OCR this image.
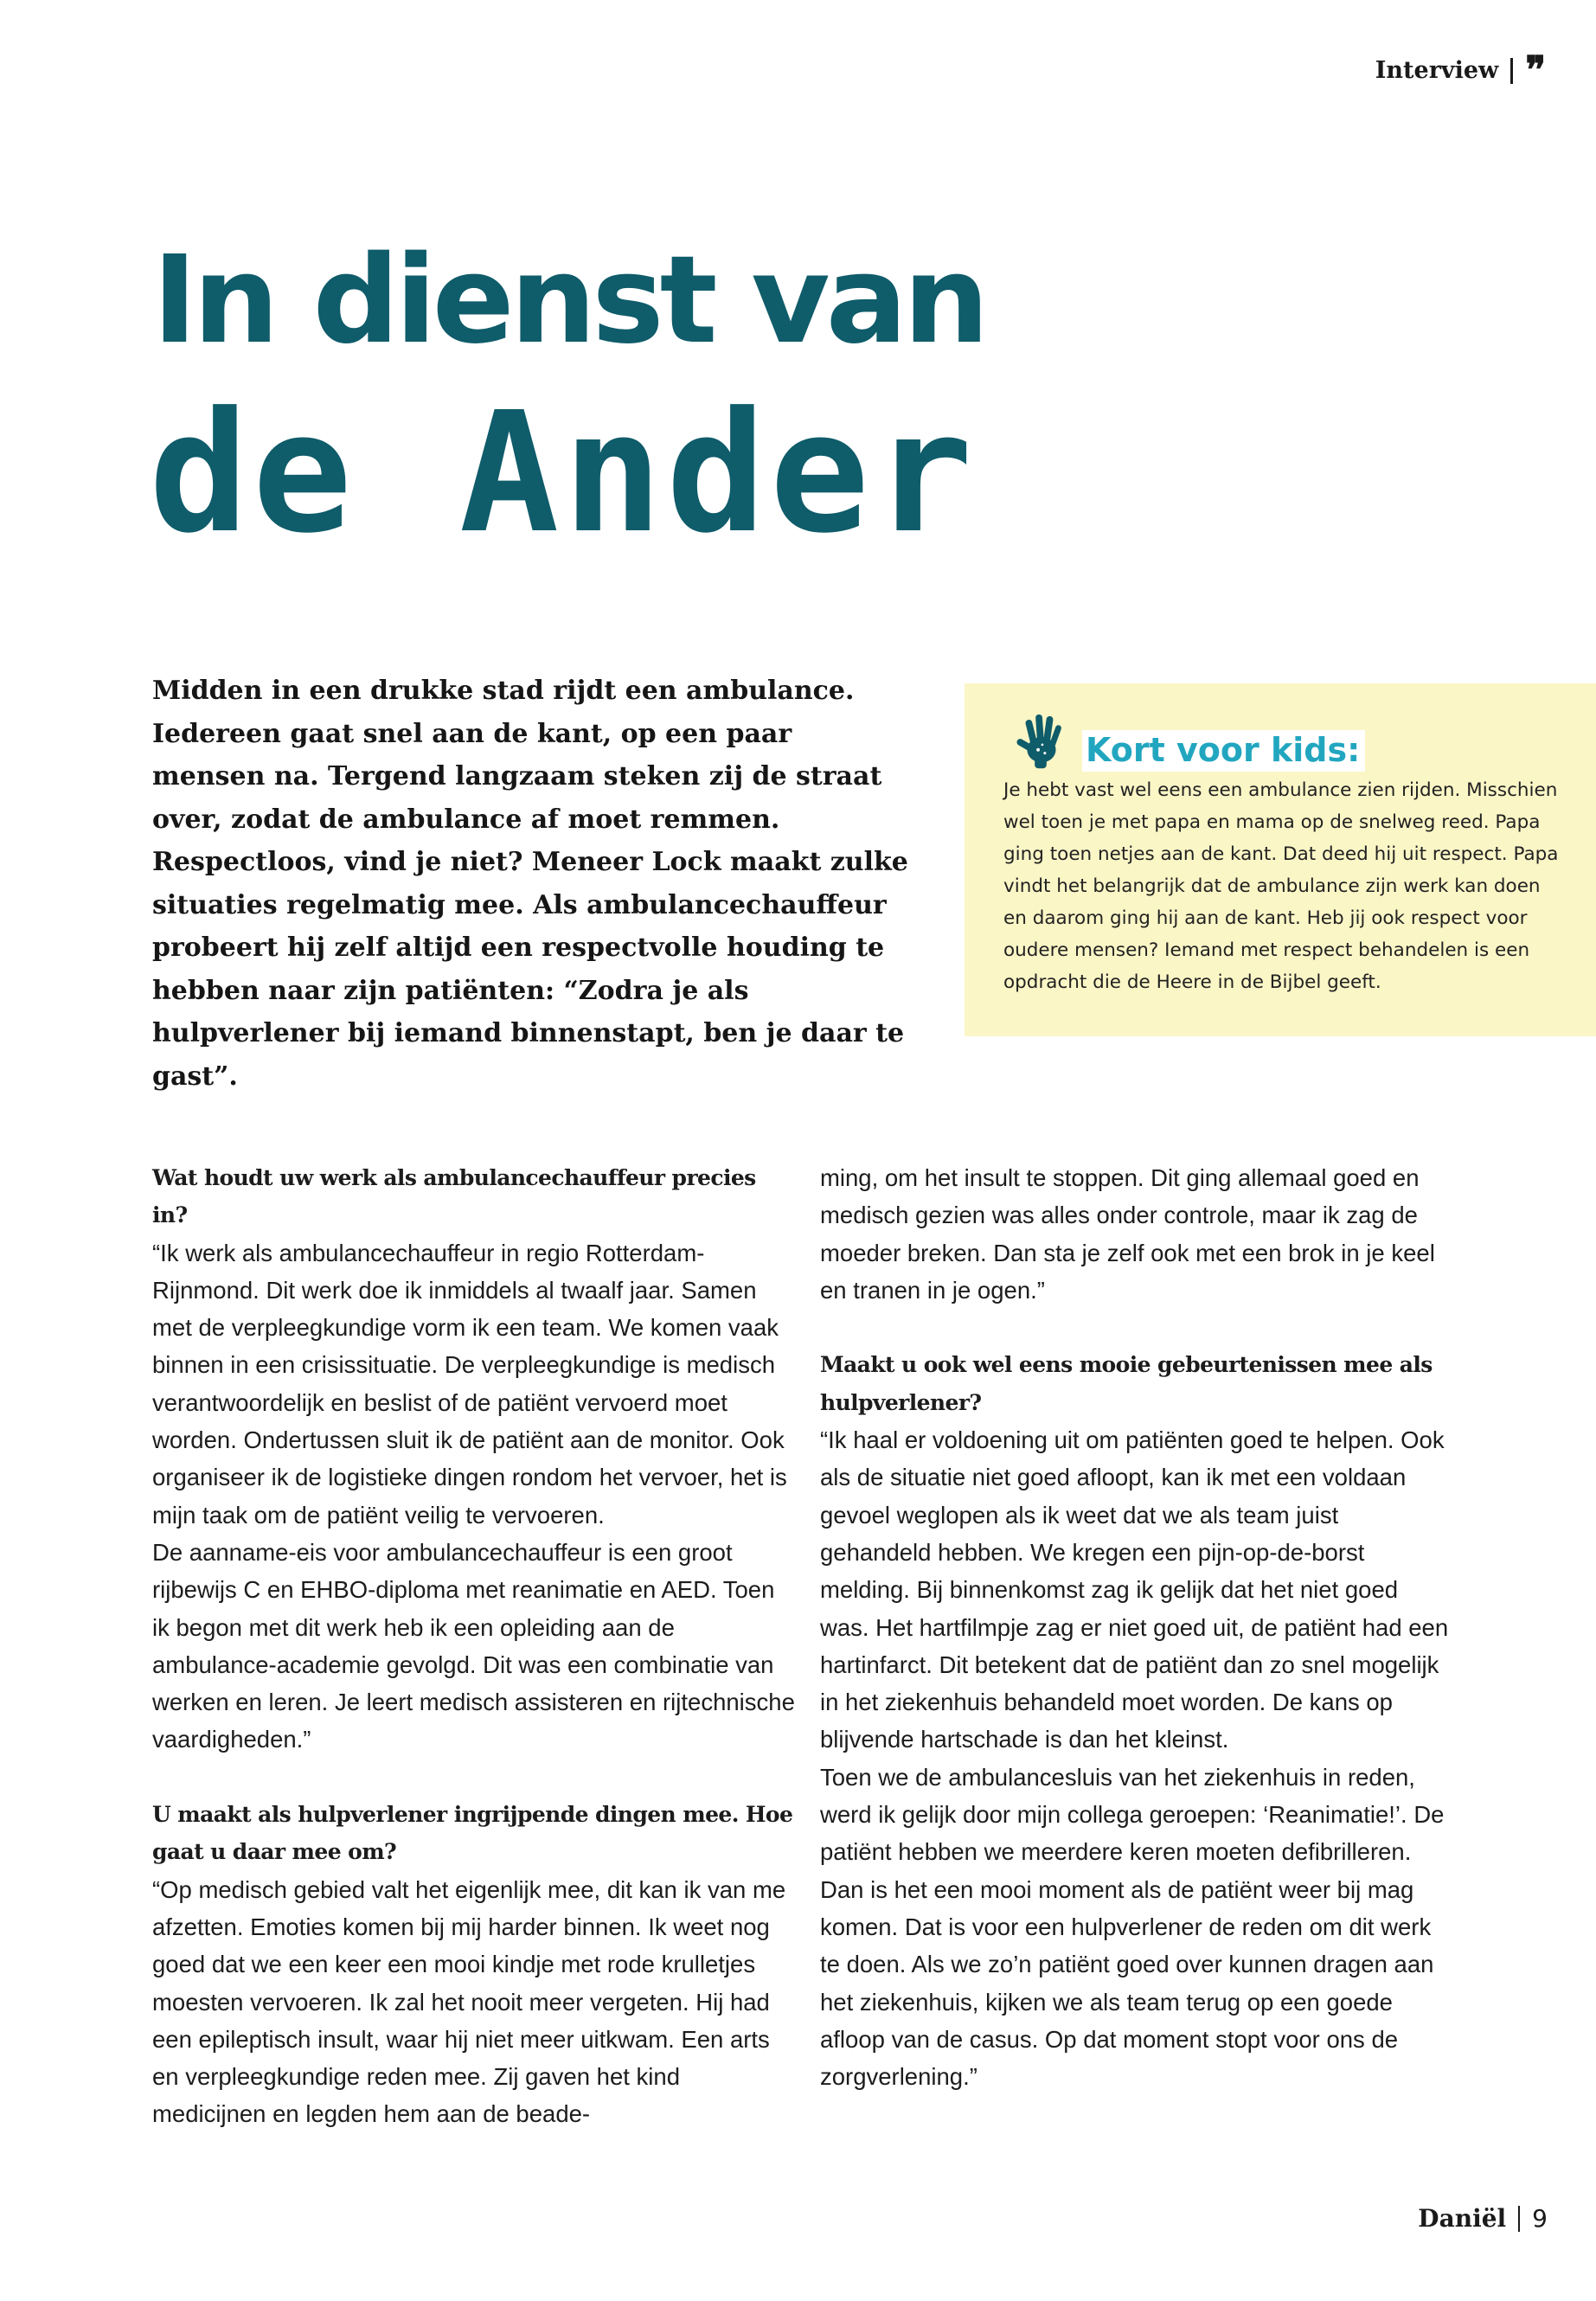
Interview ❞
In dienst van
de Ander

Midden in een drukke stad rijdt een ambulance. Iedereen gaat snel aan de kant, op een paar mensen na. Tergend langzaam steken zij de straat over, zodat de ambulance af moet remmen. Respectloos, vind je niet? Meneer Lock maakt zulke situaties regelmatig mee. Als ambulancechauffeur probeert hij zelf altijd een respectvolle houding te hebben naar zijn patiënten: “Zodra je als hulpverlener bij iemand binnenstapt, ben je daar te gast”.

Kort voor kids:

Je hebt vast wel eens een ambulance zien rijden. Misschien wel toen je met papa en mama op de snelweg reed. Papa ging toen netjes aan de kant. Dat deed hij uit respect. Papa vindt het belangrijk dat de ambulance zijn werk kan doen en daarom ging hij aan de kant. Heb jij ook respect voor oudere mensen? Iemand met respect behandelen is een opdracht die de Heere in de Bijbel geeft.

Wat houdt uw werk als ambulancechauffeur precies in?

“Ik werk als ambulancechauffeur in regio Rotterdam-Rijnmond. Dit werk doe ik inmiddels al twaalf jaar. Samen met de verpleegkundige vorm ik een team. We komen vaak binnen in een crisissituatie. De verpleegkundige is medisch verantwoordelijk en beslist of de patiënt vervoerd moet worden. Ondertussen sluit ik de patiënt aan de monitor. Ook organiseer ik de logistieke dingen rondom het vervoer, het is mijn taak om de patiënt veilig te vervoeren.

De aanname-eis voor ambulancechauffeur is een groot rijbewijs C en EHBO-diploma met reanimatie en AED. Toen ik begon met dit werk heb ik een opleiding aan de ambulance-academie gevolgd. Dit was een combinatie van werken en leren. Je leert medisch assisteren en rijtechnische vaardigheden.”

U maakt als hulpverlener ingrijpende dingen mee. Hoe gaat u daar mee om?

“Op medisch gebied valt het eigenlijk mee, dit kan ik van me afzetten. Emoties komen bij mij harder binnen. Ik weet nog goed dat we een keer een mooi kindje met rode krulletjes moesten vervoeren. Ik zal het nooit meer vergeten. Hij had een epileptisch insult, waar hij niet meer uitkwam. Een arts en verpleegkundige reden mee. Zij gaven het kind medicijnen en legden hem aan de beade-

ming, om het insult te stoppen. Dit ging allemaal goed en medisch gezien was alles onder controle, maar ik zag de moeder breken. Dan sta je zelf ook met een brok in je keel en tranen in je ogen.”

Maakt u ook wel eens mooie gebeurtenissen mee als hulpverlener?

“Ik haal er voldoening uit om patiënten goed te helpen. Ook als de situatie niet goed afloopt, kan ik met een voldaan gevoel weglopen als ik weet dat we als team juist gehandeld hebben. We kregen een pijn-op-de-borst melding. Bij binnenkomst zag ik gelijk dat het niet goed was. Het hartfilmpje zag er niet goed uit, de patiënt had een hartinfarct. Dit betekent dat de patiënt dan zo snel mogelijk in het ziekenhuis behandeld moet worden. De kans op blijvende hartschade is dan het kleinst.

Toen we de ambulancesluis van het ziekenhuis in reden, werd ik gelijk door mijn collega geroepen: ‘Reanimatie!’. De patiënt hebben we meerdere keren moeten defibrilleren. Dan is het een mooi moment als de patiënt weer bij mag komen. Dat is voor een hulpverlener de reden om dit werk te doen. Als we zo’n patiënt goed over kunnen dragen aan het ziekenhuis, kijken we als team terug op een goede afloop van de casus. Op dat moment stopt voor ons de zorgverlening.”

Daniël 9
